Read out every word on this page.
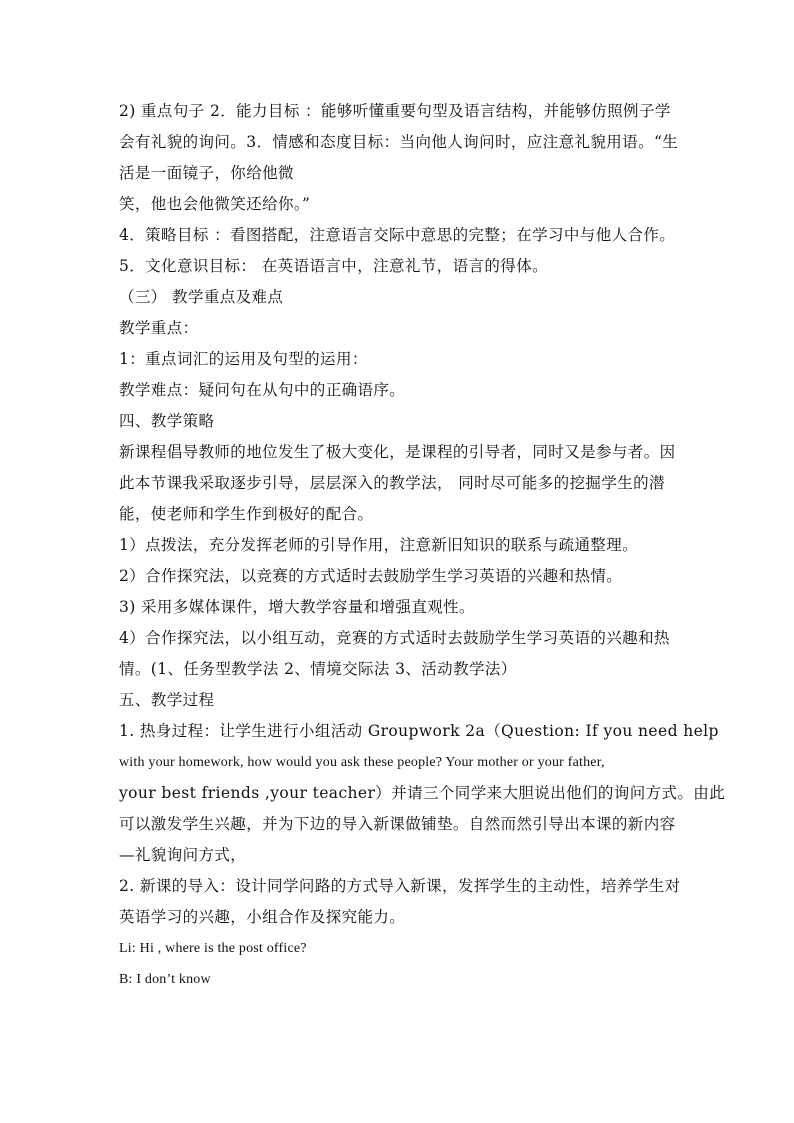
2) 重点句子 2．能力目标 ：能够听懂重要句型及语言结构，并能够仿照例子学
会有礼貌的询问。3．情感和态度目标：当向他人询问时，应注意礼貌用语。“生
活是一面镜子，你给他微
笑，他也会他微笑还给你。”
4．策略目标 ：看图搭配，注意语言交际中意思的完整；在学习中与他人合作。
5．文化意识目标： 在英语语言中，注意礼节，语言的得体。
（三） 教学重点及难点
教学重点：
1：重点词汇的运用及句型的运用：
教学难点：疑问句在从句中的正确语序。
四、教学策略
新课程倡导教师的地位发生了极大变化，是课程的引导者，同时又是参与者。因
此本节课我采取逐步引导，层层深入的教学法， 同时尽可能多的挖掘学生的潜
能，使老师和学生作到极好的配合。
1）点拨法，充分发挥老师的引导作用，注意新旧知识的联系与疏通整理。
2）合作探究法，以竞赛的方式适时去鼓励学生学习英语的兴趣和热情。
3) 采用多媒体课件，增大教学容量和增强直观性。
4）合作探究法，以小组互动，竞赛的方式适时去鼓励学生学习英语的兴趣和热
情。(1、任务型教学法 2、情境交际法 3、活动教学法）
五、教学过程
1. 热身过程：让学生进行小组活动 Groupwork 2a（Question: If you need help
with your homework, how would you ask these people? Your mother or your father,
your best friends ,your teacher）并请三个同学来大胆说出他们的询问方式。由此
可以激发学生兴趣，并为下边的导入新课做铺垫。自然而然引导出本课的新内容
—礼貌询问方式，
2. 新课的导入：设计同学问路的方式导入新课，发挥学生的主动性，培养学生对
英语学习的兴趣，小组合作及探究能力。
Li: Hi , where is the post office?
B: I don’t know
